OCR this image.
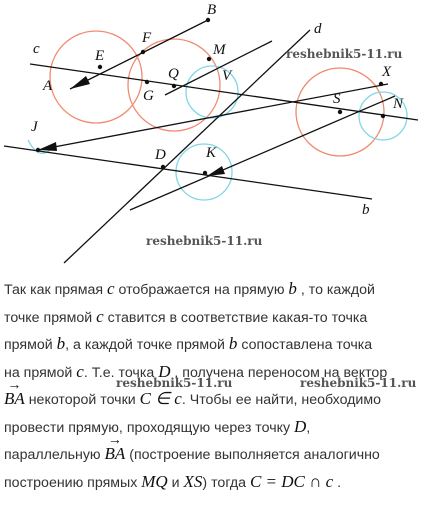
B
F
d
c	M
E
A
Q	V
G
X
S	N
J
D	K
b
reshebnik5-11.ru
reshebnik5-11.ru
Так как прямая c отображается на прямую b , то каждой
точке прямой c ставится в соответствие какая-то точка
прямой b, а каждой точке прямой b сопоставлена точка
на прямой c. Т.е. точка D , получена переносом на вектор
→ BA некоторой точки C ∈ c. Чтобы ее найти, необходимо
провести прямую, проходящую через точку D,
параллельную → BA (построение выполняется аналогично
построению прямых MQ и XS) тогда C = DC ∩ c .
reshebnik5-11.ru	reshebnik5-11.ru
